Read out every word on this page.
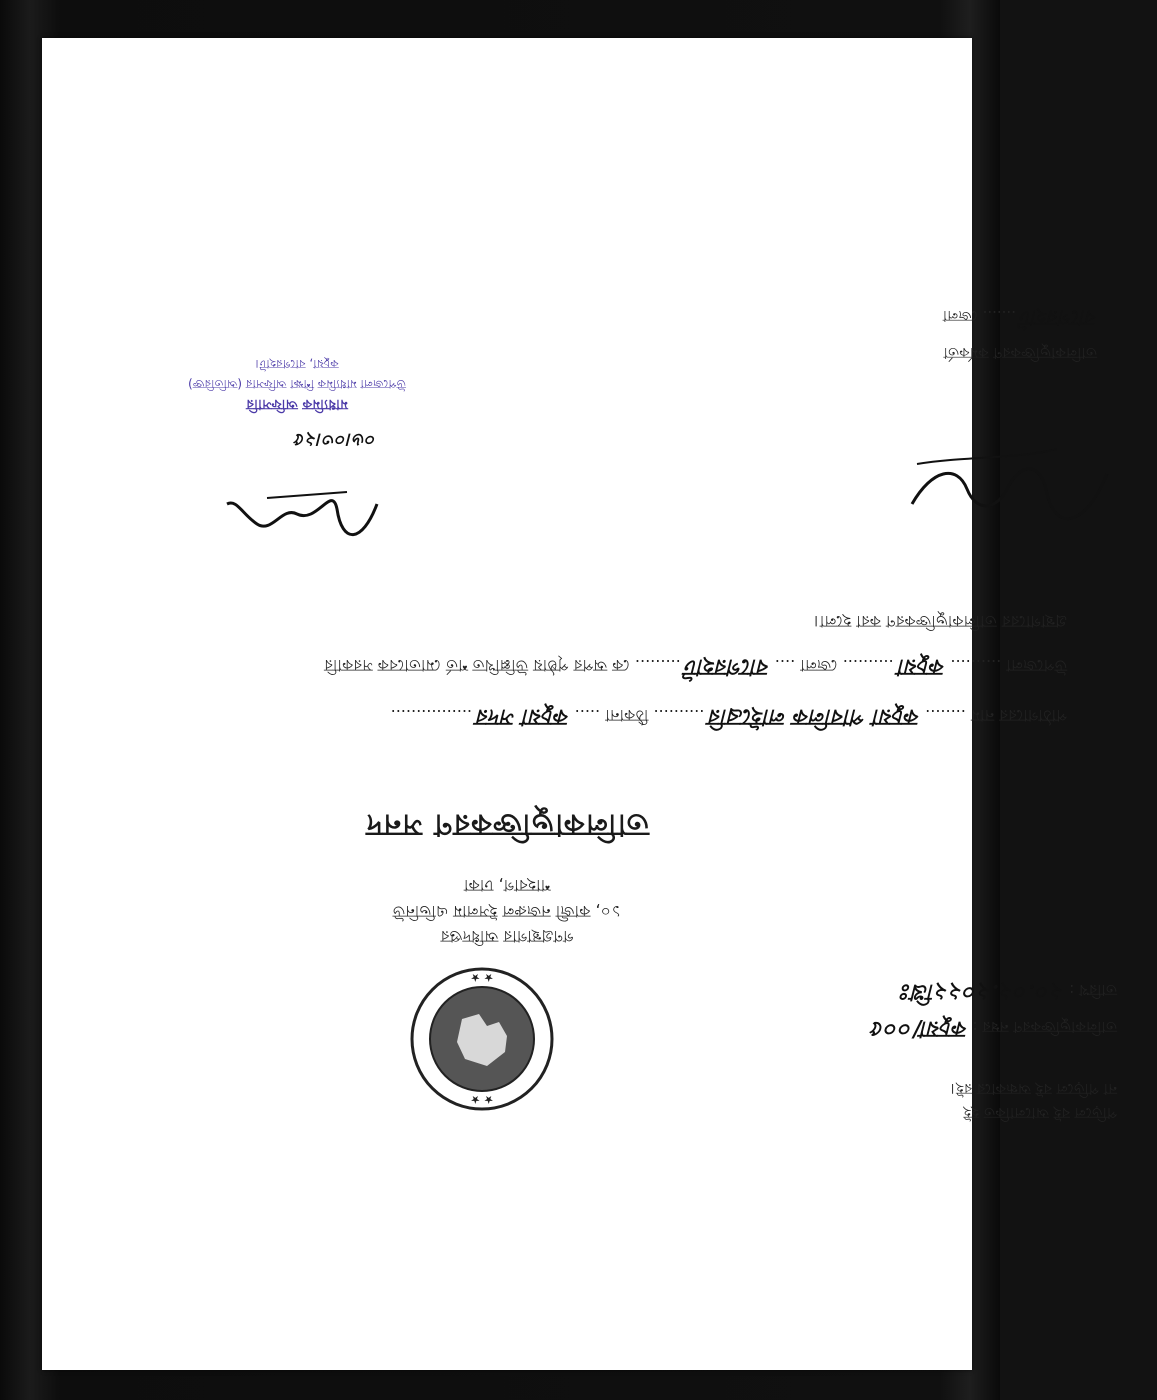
পড়িলে বই আলোকিত হই
না পড়িলে বই অন্ধকারে রই।
তালিকাভুক্তিকরণ নম্বর : কচুয়া/০০৫
তারিখ : ২০.০২.২০২২খ্রিঃ
★ ★
★ ★
গণগ্রন্থাগার অধিদপ্তর
১০, কাজী নজরুল ইসলাম এভিনিউ
শাহবাগ, ঢাকা
তালিকাভুক্তিকরণ সনদ
পাঠাগারের নাম ........ কচুয়া পাবলিক লাইব্রেরি .......... ঠিকানা ..... কচুয়া সদর ................
উপজেলা .......... কচুয়া .......... জেলা .... বাগেরহাট ......... কে অপর পৃষ্ঠায় উল্লিখিত শর্ত মোতাবেক সরকারি
গ্রন্থাগারের তালিকাভুক্তিকরণ করা হলো।
০৬।০৩।২৫
মাধ্যমিক অফিসারি
উপজেলা মাধ্যমিক শিক্ষা অফিসার (অতিরিক্ত)
কচুয়া, বাগেরহাট।
তালিকাভুক্তিকরণ কর্মকর্তা
বাগেরহাট ....... জেলা
